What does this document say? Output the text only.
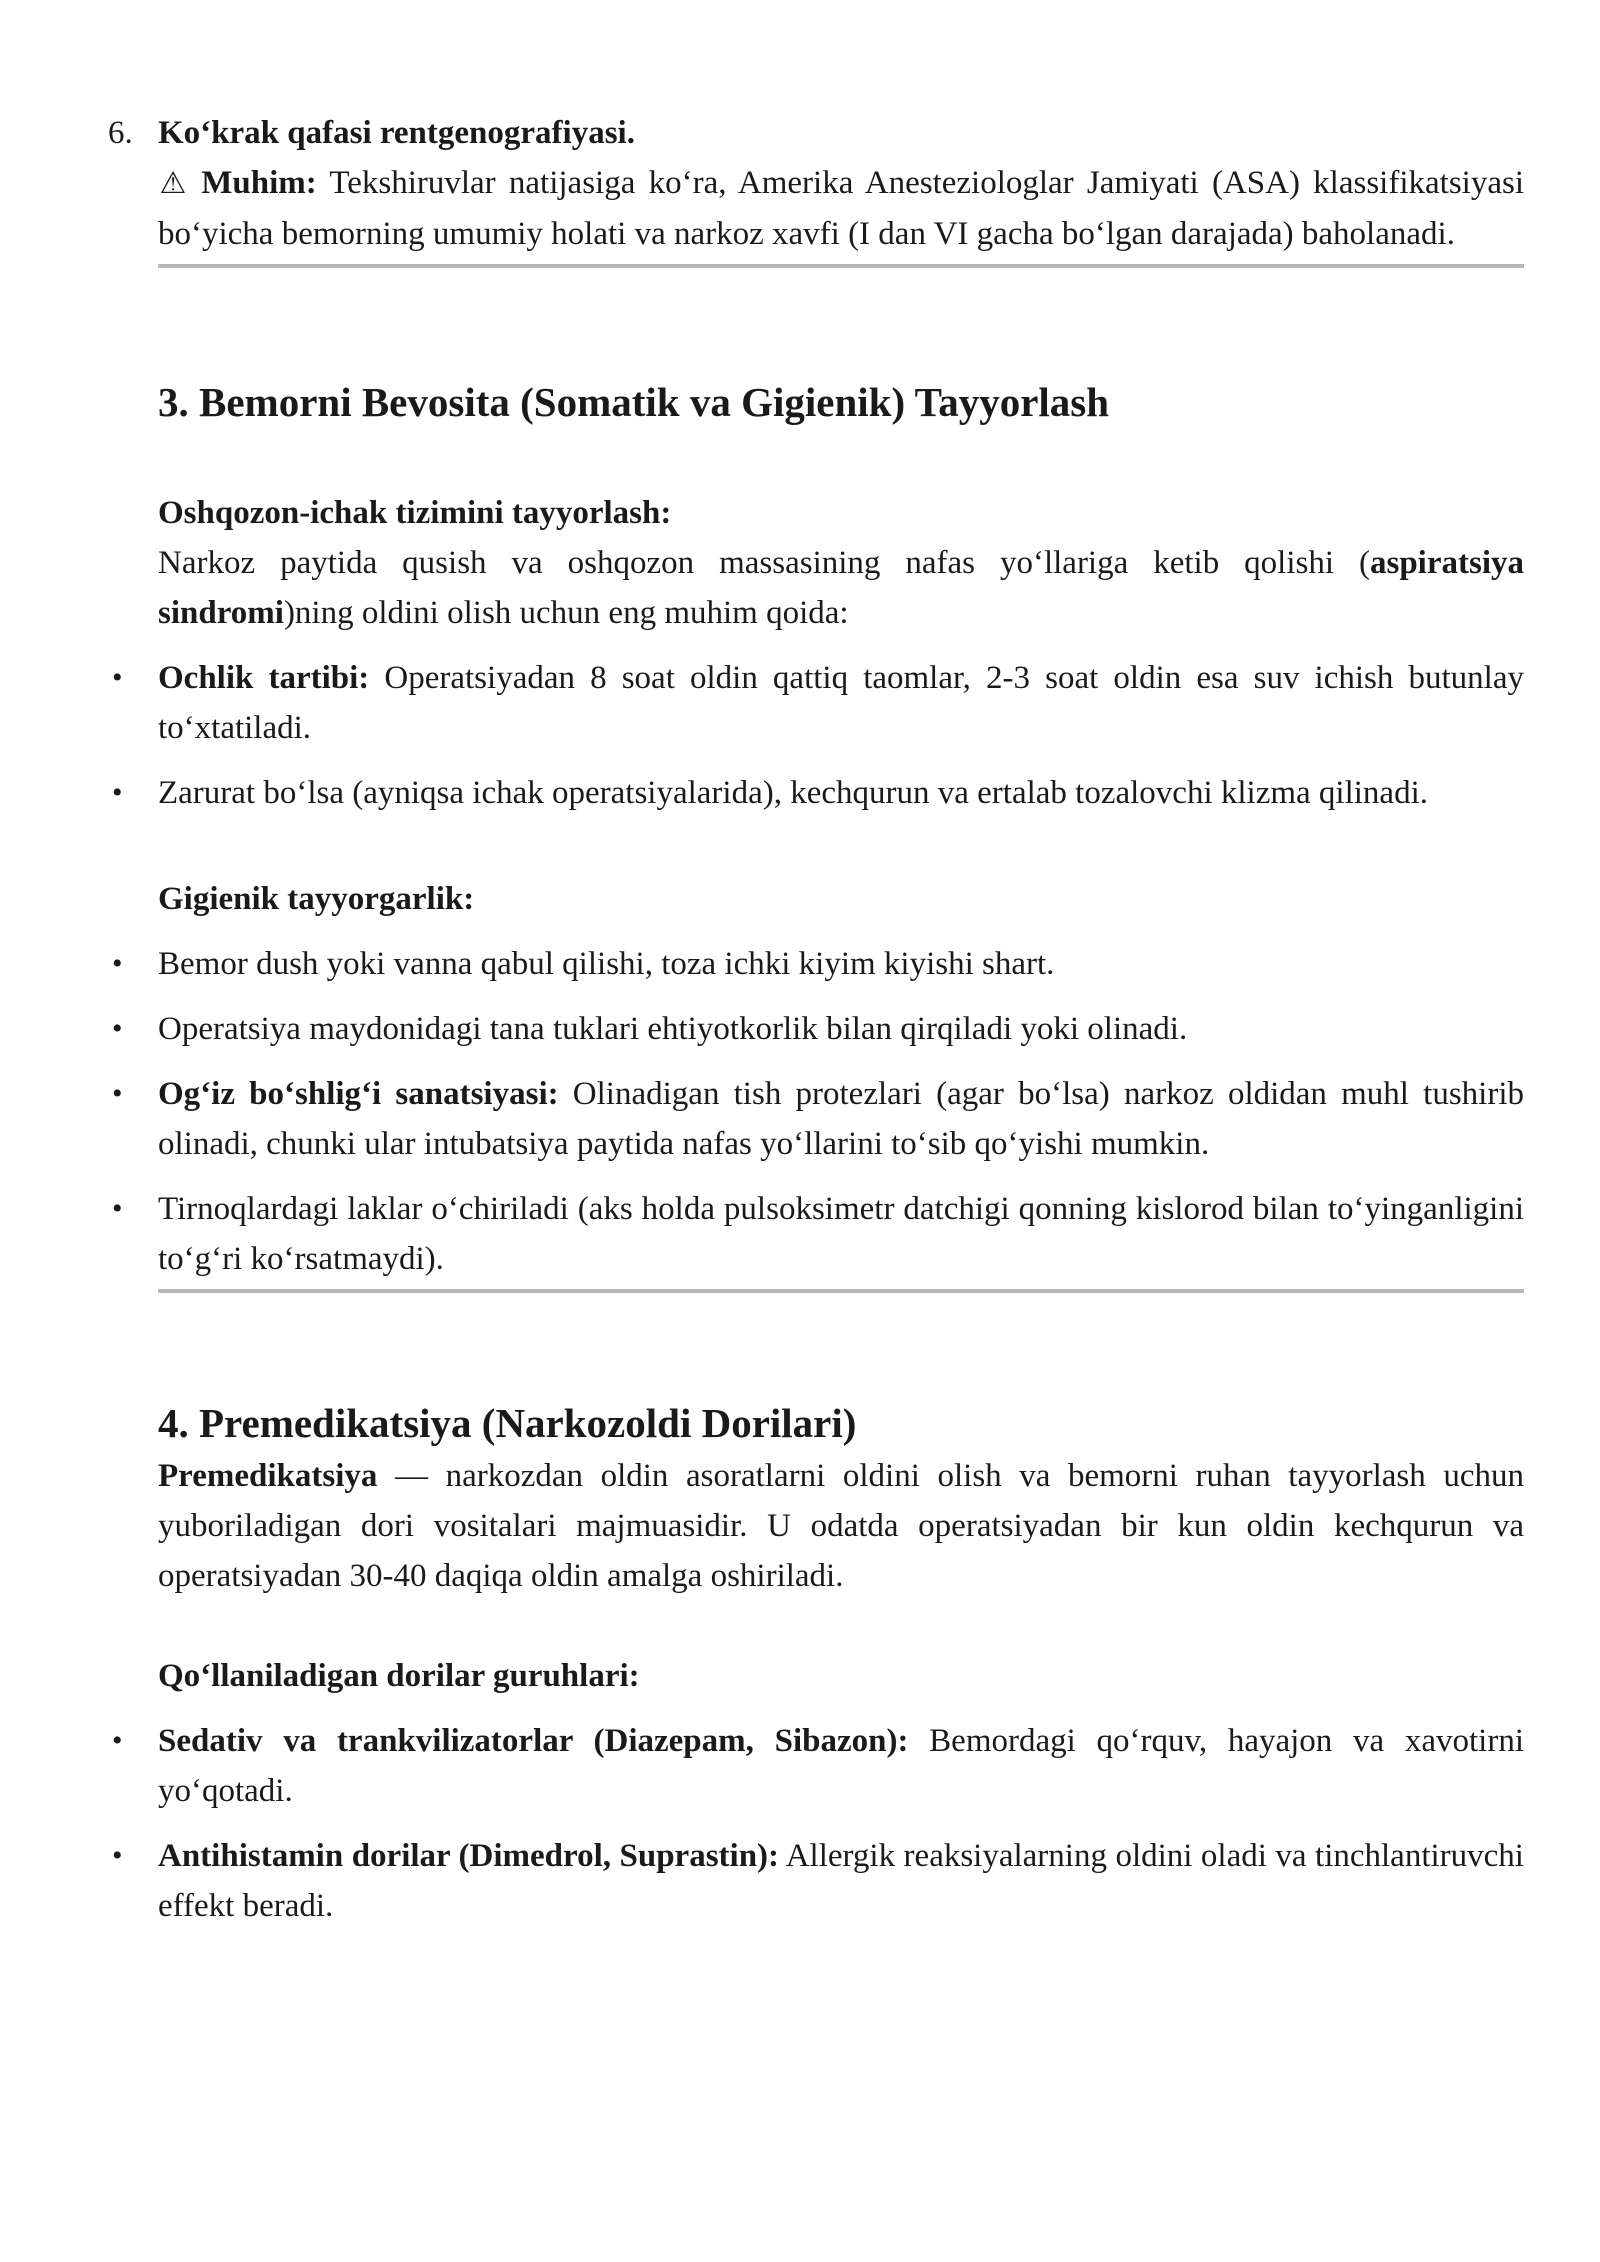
6. Ko‘krak qafasi rentgenografiyasi.

⚠ Muhim: Tekshiruvlar natijasiga ko‘ra, Amerika Anesteziologlar Jamiyati (ASA) klassifikatsiyasi bo‘yicha bemorning umumiy holati va narkoz xavfi (I dan VI gacha bo‘lgan darajada) baholanadi.

3. Bemorni Bevosita (Somatik va Gigienik) Tayyorlash

Oshqozon-ichak tizimini tayyorlash:

Narkoz paytida qusish va oshqozon massasining nafas yo‘llariga ketib qolishi (aspiratsiya sindromi)ning oldini olish uchun eng muhim qoida:

• Ochlik tartibi: Operatsiyadan 8 soat oldin qattiq taomlar, 2-3 soat oldin esa suv ichish butunlay to‘xtatiladi.
• Zarurat bo‘lsa (ayniqsa ichak operatsiyalarida), kechqurun va ertalab tozalovchi klizma qilinadi.

Gigienik tayyorgarlik:

• Bemor dush yoki vanna qabul qilishi, toza ichki kiyim kiyishi shart.
• Operatsiya maydonidagi tana tuklari ehtiyotkorlik bilan qirqiladi yoki olinadi.
• Og‘iz bo‘shlig‘i sanatsiyasi: Olinadigan tish protezlari (agar bo‘lsa) narkoz oldidan muhl tushirib olinadi, chunki ular intubatsiya paytida nafas yo‘llarini to‘sib qo‘yishi mumkin.
• Tirnoqlardagi laklar o‘chiriladi (aks holda pulsoksimetr datchigi qonning kislorod bilan to‘yinganligini to‘g‘ri ko‘rsatmaydi).
4. Premedikatsiya (Narkozoldi Dorilari)

Premedikatsiya — narkozdan oldin asoratlarni oldini olish va bemorni ruhan tayyorlash uchun yuboriladigan dori vositalari majmuasidir. U odatda operatsiyadan bir kun oldin kechqurun va operatsiyadan 30-40 daqiqa oldin amalga oshiriladi.

Qo‘llaniladigan dorilar guruhlari:

• Sedativ va trankvilizatorlar (Diazepam, Sibazon): Bemordagi qo‘rquv, hayajon va xavotirni yo‘qotadi.
• Antihistamin dorilar (Dimedrol, Suprastin): Allergik reaksiyalarning oldini oladi va tinchlantiruvchi effekt beradi.
